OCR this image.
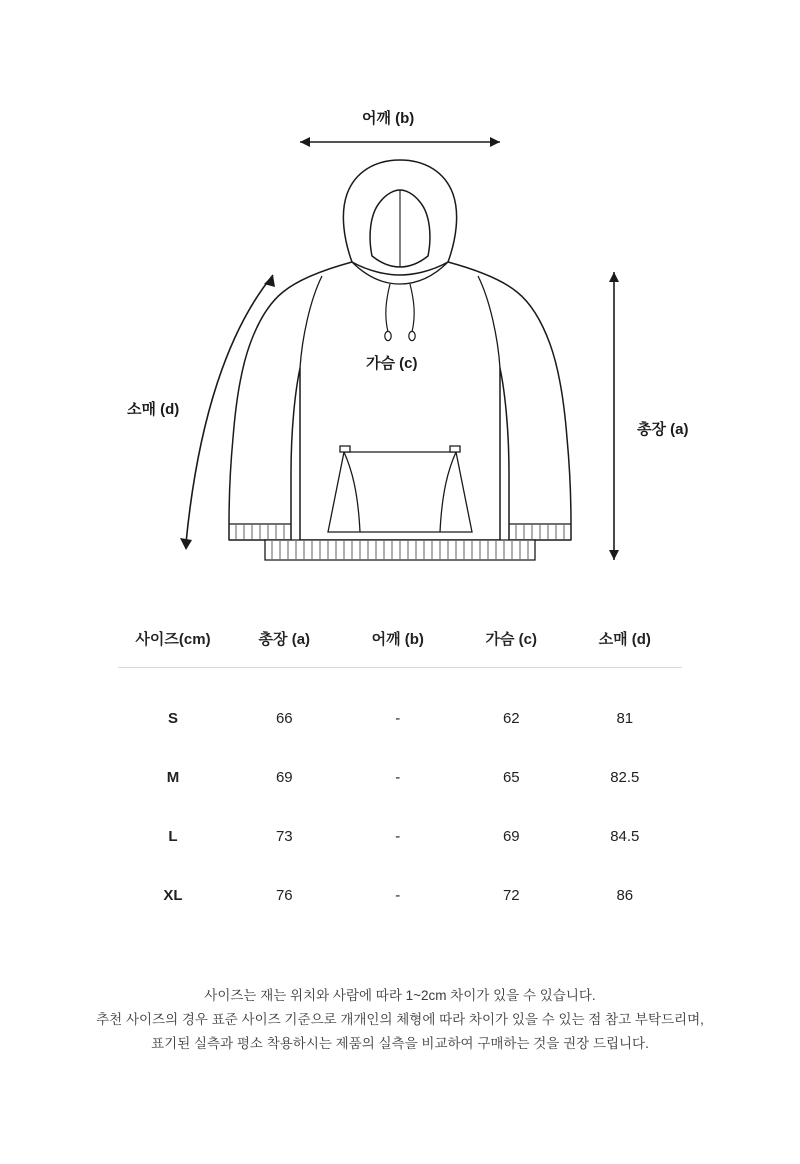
어깨 (b)
가슴 (c)
소매 (d)
총장 (a)
사이즈(cm)	총장 (a)	어깨 (b)	가슴 (c)	소매 (d)
S	66	-	62	81
M	69	-	65	82.5
L	73	-	69	84.5
XL	76	-	72	86
사이즈는 재는 위치와 사람에 따라 1~2cm 차이가 있을 수 있습니다.
추천 사이즈의 경우 표준 사이즈 기준으로 개개인의 체형에 따라 차이가 있을 수 있는 점 참고 부탁드리며,
표기된 실측과 평소 착용하시는 제품의 실측을 비교하여 구매하는 것을 권장 드립니다.
